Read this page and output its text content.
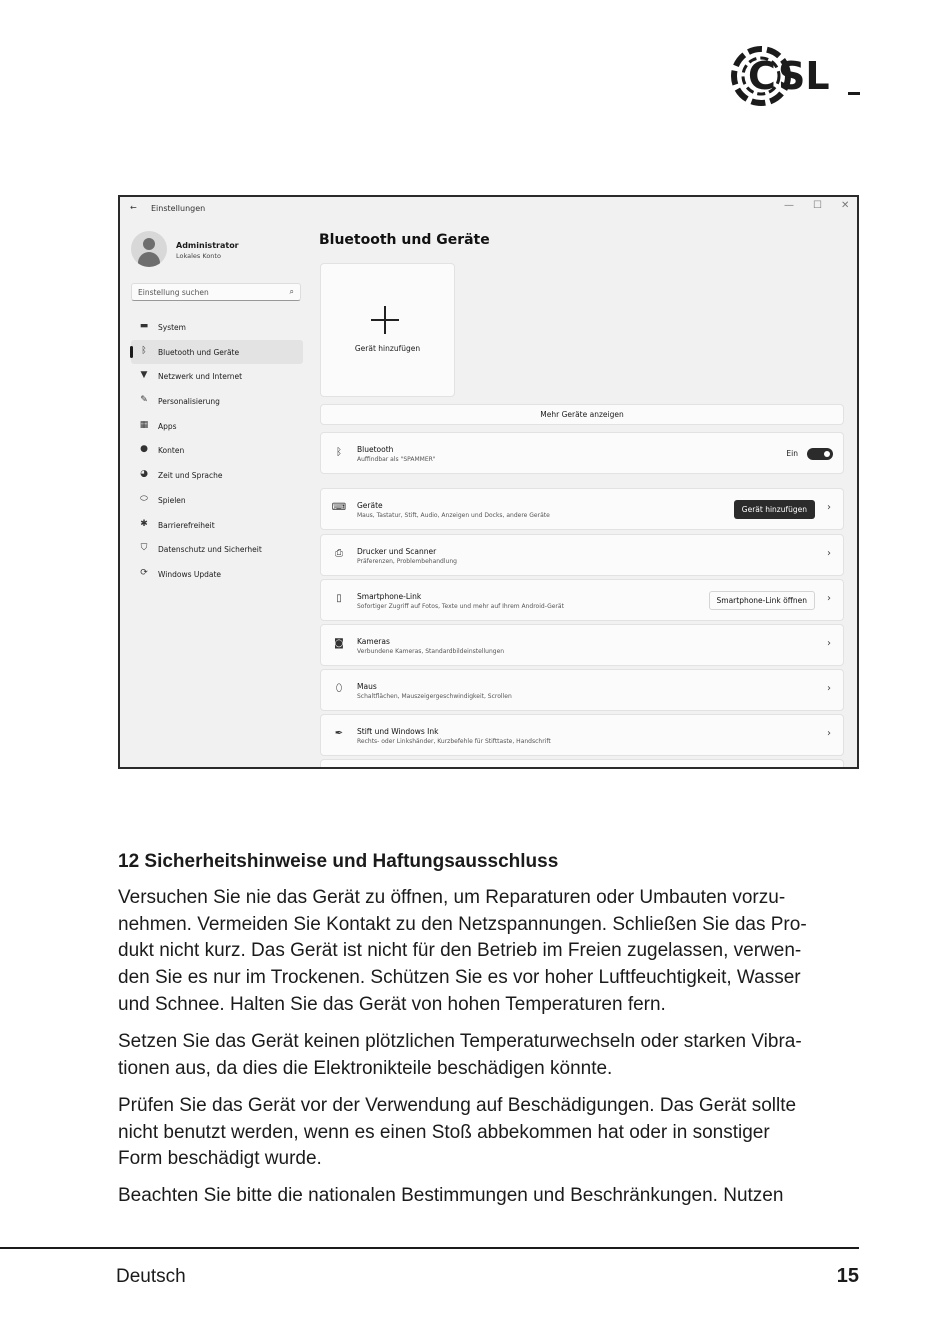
C SL
← Einstellungen	— ☐ ✕
Administrator
Lokales Konto
Einstellung suchen	⌕
▬	System
ᛒ	Bluetooth und Geräte
▼	Netzwerk und Internet
✎	Personalisierung
▦	Apps
●	Konten
◕	Zeit und Sprache
⬭	Spielen
✱	Barrierefreiheit
⛉	Datenschutz und Sicherheit
⟳	Windows Update
Bluetooth und Geräte
Gerät hinzufügen
Mehr Geräte anzeigen
ᛒ	Bluetooth
Auffindbar als "SPAMMER"
Ein
⌨ Geräte
Maus, Tastatur, Stift, Audio, Anzeigen und Docks, andere Geräte
Gerät hinzufügen	›
⎙	Drucker und Scanner
Präferenzen, Problembehandlung
›
▯	Smartphone-Link
Sofortiger Zugriff auf Fotos, Texte und mehr auf Ihrem Android-Gerät
Smartphone-Link öffnen	›
◙	Kameras
Verbundene Kameras, Standardbildeinstellungen
›
⬯	Maus
Schaltflächen, Mauszeigergeschwindigkeit, Scrollen
›
✒	Stift und Windows Ink
Rechts- oder Linkshänder, Kurzbefehle für Stifttaste, Handschrift
›
12 Sicherheitshinweise und Haftungsausschluss
Versuchen Sie nie das Gerät zu öffnen, um Reparaturen oder Umbauten vorzu-
nehmen. Vermeiden Sie Kontakt zu den Netzspannungen. Schließen Sie das Pro-
dukt nicht kurz. Das Gerät ist nicht für den Betrieb im Freien zugelassen, verwen-
den Sie es nur im Trockenen. Schützen Sie es vor hoher Luftfeuchtigkeit, Wasser
und Schnee. Halten Sie das Gerät von hohen Temperaturen fern.
Setzen Sie das Gerät keinen plötzlichen Temperaturwechseln oder starken Vibra-
tionen aus, da dies die Elektronikteile beschädigen könnte.
Prüfen Sie das Gerät vor der Verwendung auf Beschädigungen. Das Gerät sollte
nicht benutzt werden, wenn es einen Stoß abbekommen hat oder in sonstiger
Form beschädigt wurde.
Beachten Sie bitte die nationalen Bestimmungen und Beschränkungen. Nutzen
Deutsch	15
